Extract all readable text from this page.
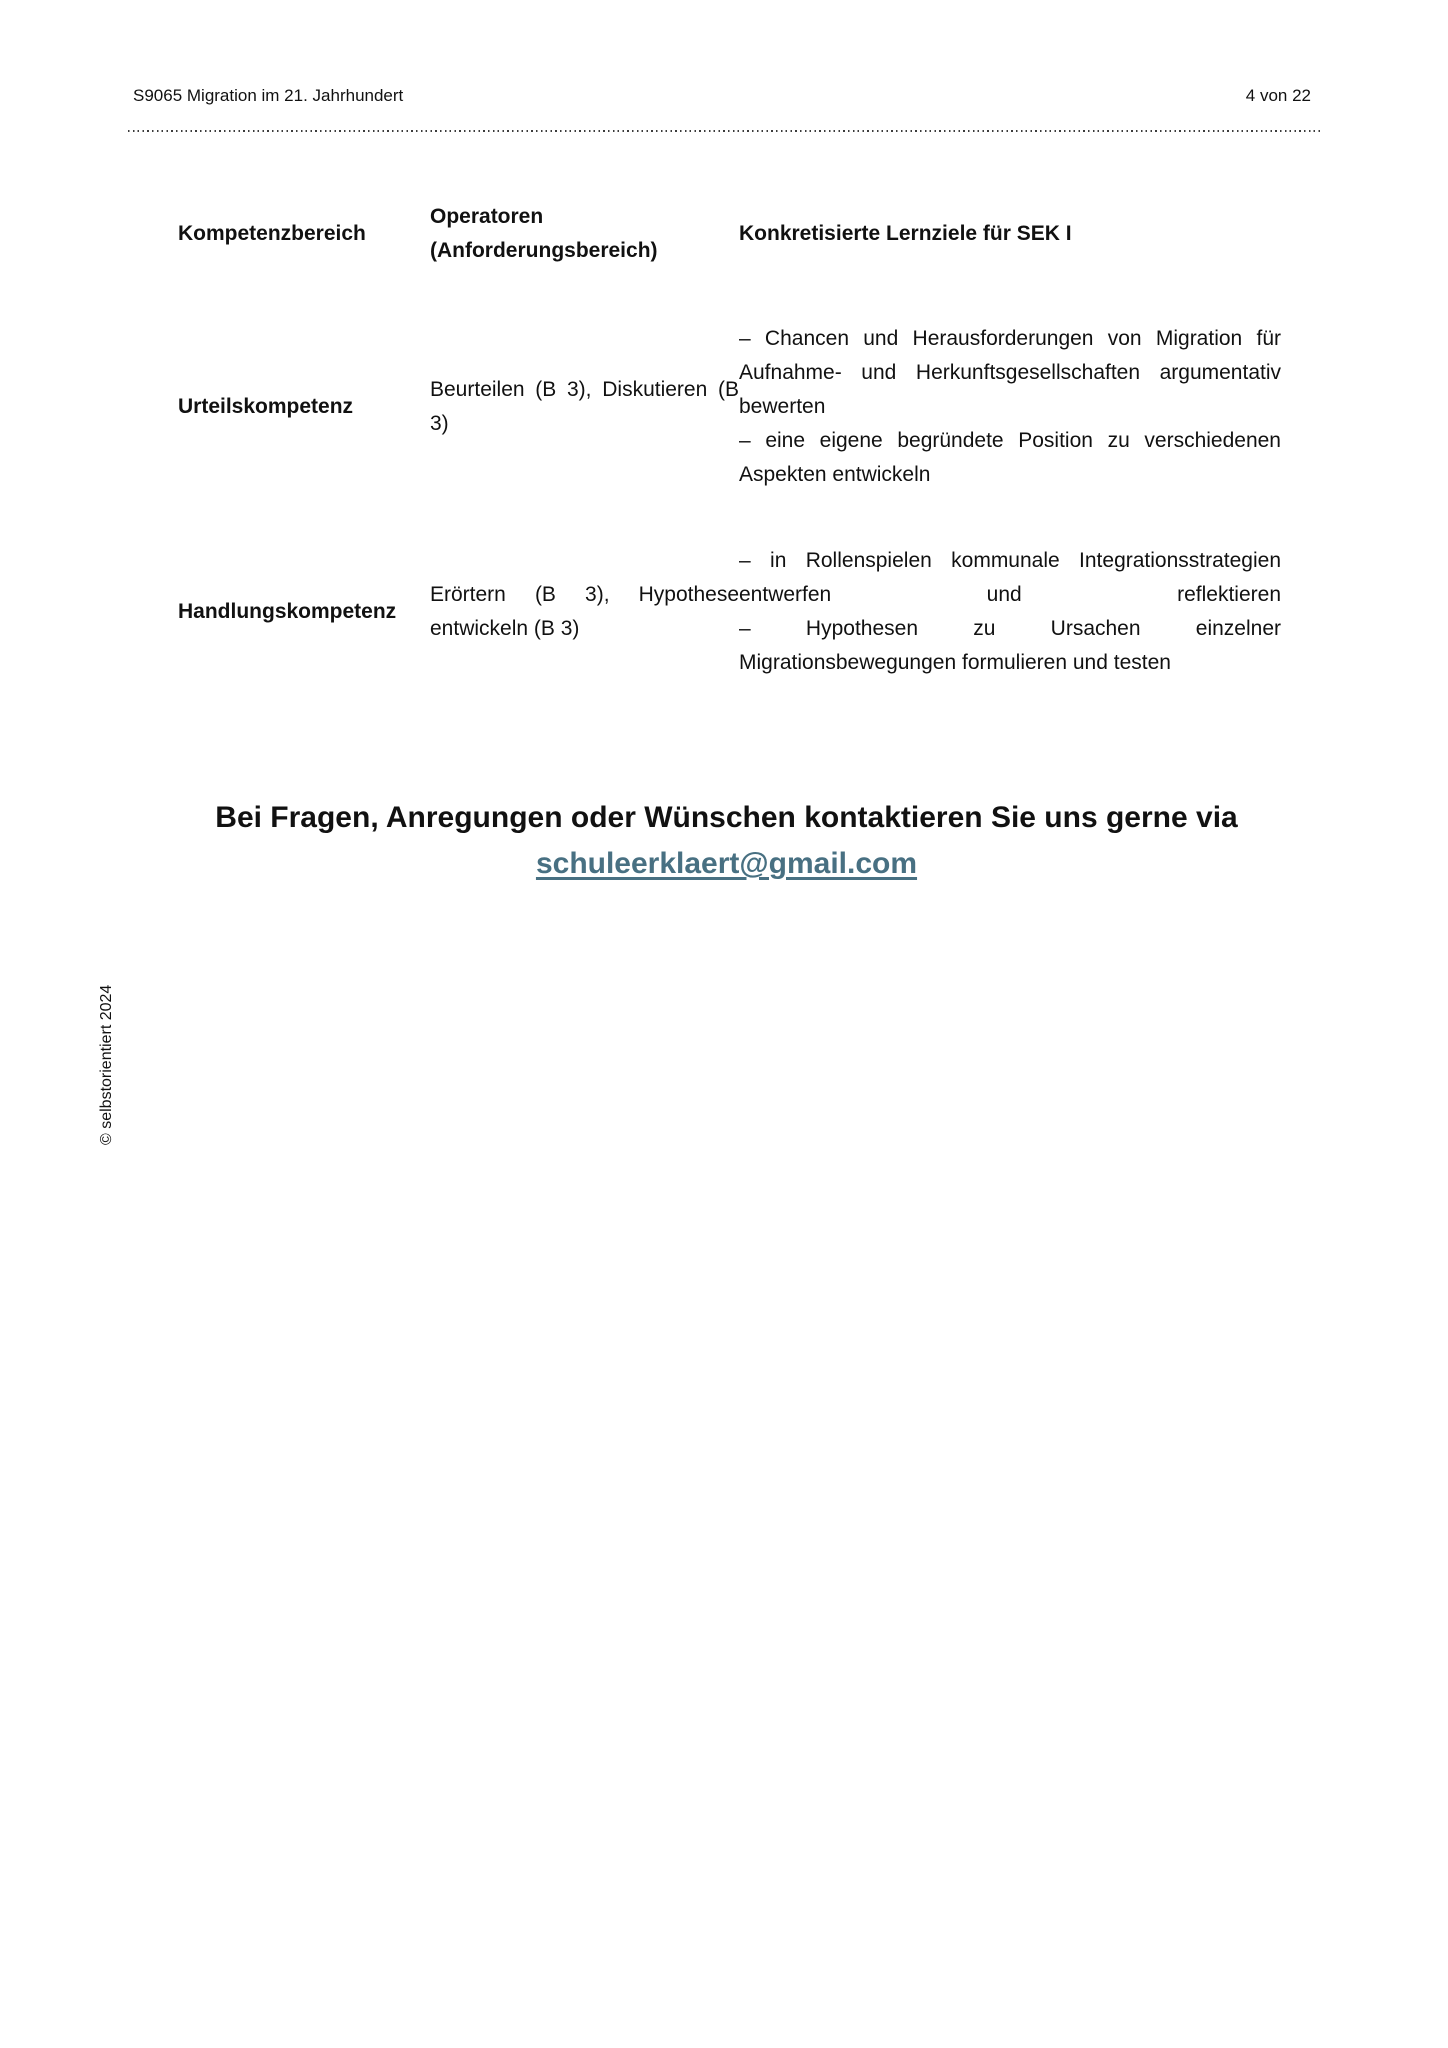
S9065 Migration im 21. Jahrhundert	4 von 22
Kompetenzbereich	Operatoren (Anforderungsbereich)	Konkretisierte Lernziele für SEK I
Urteilskompetenz	Beurteilen (B 3), Diskutieren (B 3)	– Chancen und Herausforderungen von Migration für Aufnahme- und Herkunftsgesellschaften argumentativ bewerten

– eine eigene begründete Position zu verschiedenen Aspekten entwickeln

Handlungskompetenz	Erörtern (B 3), Hypothese entwickeln (B 3)	– in Rollenspielen kommunale Integrationsstrategien entwerfen und reflektieren

– Hypothesen zu Ursachen einzelner Migrationsbewegungen formulieren und testen

Bei Fragen, Anregungen oder Wünschen kontaktieren Sie uns gerne via
schuleerklaert@gmail.com
© selbstorientiert 2024
